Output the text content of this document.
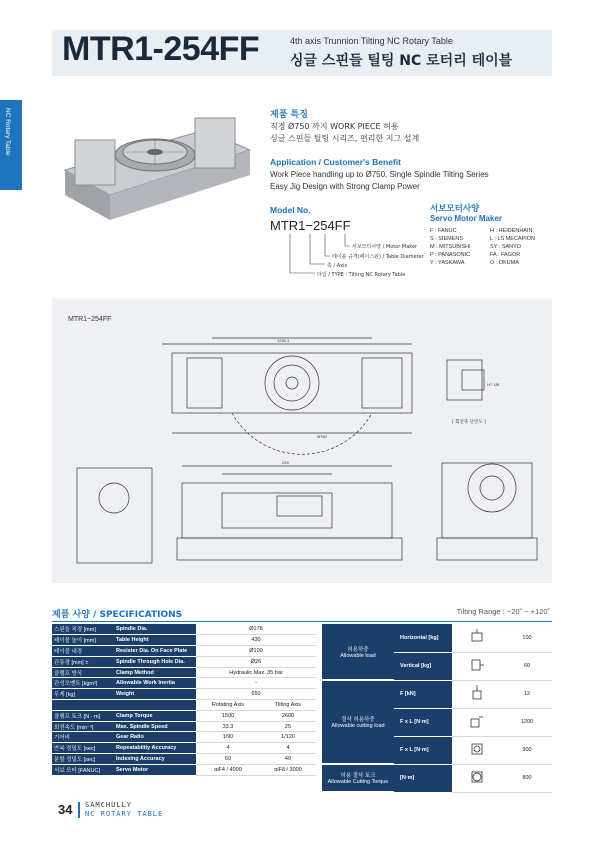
MTR1-254FF	4th axis Trunnion Tilting NC Rotary Table
싱글 스핀들 틸팅 NC 로터리 테이블
NC Rotary Table	제품 특징
직경 Ø750 까지 WORK PIECE 허용
싱글 스핀들 틸팅 시리즈, 편리한 지그 설계
Application / Customer's Benefit
Work Piece handling up to Ø750, Single Spindle Tilting Series
Easy Jig Design with Strong Clamp Power
Model No.
MTR1−254FF
서보모터사양 / Motor Maker
테이블 규격(페이스판) / Table Diameter
축 / Axis
타입 / TYPE : Tilting NC Rotary Table
서보모터사양
Servo Motor Maker
F : FANUC	H : HEIDENHAIN
S : SIEMENS	L : LS MECAPION
M : MITSUBISHI	SY : SANYO
P : PANASONIC	FA : FAGOR
Y : YASKAWA	O : OKUMA
MTR1−254FF
[ 회전축 단면도 ]
1290.3
254
Ø750
H7 1/B
제품 사양 / SPECIFICATIONS	Tilting Range : −20˚ ~ +120˚
스핀들 직경 [mm]	Spindle Dia.	Ø178	
테이블 높이 [mm]	Table Height	430	
테이블 내경	Resister Dia. On Face Plate	Ø100	
관통경 [mm] ±	Spindle Through Hole Dia.	Ø26	
클램프 방식	Clamp Method	Hydraulic Max. 35 bar	
관성모멘트 [kgm²]	Allowable Work Inertia	-	
무게 [kg]	Weight	650	
		Rotating Axis	Tilting Axis
클램프 토크 [N · m]	Clamp Torque	1500	2600
회전속도 [min⁻¹]	Max. Spindle Speed	33.3	25
기어비	Gear Ratio	1/90	1/120
반복 정밀도 [sec]	Repeatability Accuracy	4	4
분할 정밀도 [sec]	Indexing Accuracy	60	40
서보 모터 [FANUC]	Servo Motor	αiF4 / 4000	αiF8 / 3000
허용하중
Allowable load	Horizontal [kg]		100
	Vertical [kg]		60

절삭 허용하중
Allowable cutting load	F [kN]		12
	F x L [N·m]		1200
	F x L [N·m]		900

허용 절삭 토크
Allowable Cutting Torque	[N·m]		800
34 SAMCHULLY
NC ROTARY TABLE
